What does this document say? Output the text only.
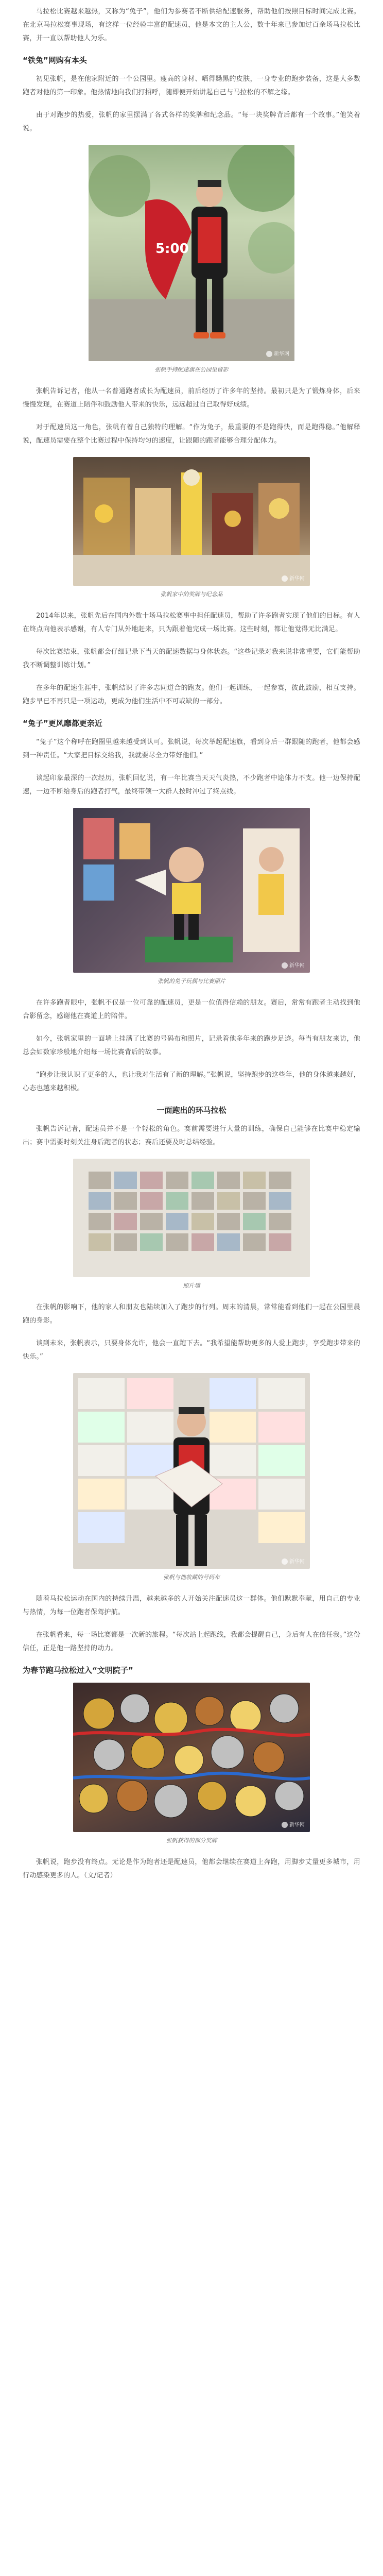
马拉松比赛越来越热，又称为“兔子”，他们为参赛者不断供给配速服务，帮助他们按照目标时间完成比赛。在北京马拉松赛事现场，有这样一位经验丰富的配速员，他是本文的主人公，数十年来已参加过百余场马拉松比赛，并一直以帮助他人为乐。

“铁兔”网购有本头

初见张帆，是在他家附近的一个公园里。瘦高的身材、晒得黝黑的皮肤，一身专业的跑步装备，这是大多数跑者对他的第一印象。他热情地向我们打招呼，随即便开始讲起自己与马拉松的不解之缘。

由于对跑步的热爱，张帆的家里摆满了各式各样的奖牌和纪念品。“每一块奖牌背后都有一个故事。”他笑着说。

5:00
新华网
张帆手持配速旗在公园里留影

张帆告诉记者，他从一名普通跑者成长为配速员，前后经历了许多年的坚持。最初只是为了锻炼身体，后来慢慢发现，在赛道上陪伴和鼓励他人带来的快乐，远远超过自己取得好成绩。

对于配速员这一角色，张帆有着自己独特的理解。“作为兔子，最重要的不是跑得快，而是跑得稳。”他解释说，配速员需要在整个比赛过程中保持均匀的速度，让跟随的跑者能够合理分配体力。

新华网
张帆家中的奖牌与纪念品

2014年以来，张帆先后在国内外数十场马拉松赛事中担任配速员，帮助了许多跑者实现了他们的目标。有人在终点向他表示感谢，有人专门从外地赶来，只为跟着他完成一场比赛。这些时刻，都让他觉得无比满足。

每次比赛结束，张帆都会仔细记录下当天的配速数据与身体状态。“这些记录对我来说非常重要，它们能帮助我不断调整训练计划。”

在多年的配速生涯中，张帆结识了许多志同道合的跑友。他们一起训练，一起参赛，彼此鼓励，相互支持。跑步早已不再只是一项运动，更成为他们生活中不可或缺的一部分。

“兔子”更风靡都更亲近

“兔子”这个称呼在跑圈里越来越受到认可。张帆说，每次举起配速旗，看到身后一群跟随的跑者，他都会感到一种责任。“大家把目标交给我，我就要尽全力带好他们。”

谈起印象最深的一次经历，张帆回忆说，有一年比赛当天天气炎热，不少跑者中途体力不支。他一边保持配速，一边不断给身后的跑者打气，最终带领一大群人按时冲过了终点线。

新华网
张帆的兔子玩偶与比赛照片

在许多跑者眼中，张帆不仅是一位可靠的配速员，更是一位值得信赖的朋友。赛后，常常有跑者主动找到他合影留念，感谢他在赛道上的陪伴。

如今，张帆家里的一面墙上挂满了比赛的号码布和照片，记录着他多年来的跑步足迹。每当有朋友来访，他总会如数家珍般地介绍每一场比赛背后的故事。

“跑步让我认识了更多的人，也让我对生活有了新的理解。”张帆说，坚持跑步的这些年，他的身体越来越好，心态也越来越积极。

一面跑出的环马拉松

张帆告诉记者，配速员并不是一个轻松的角色。赛前需要进行大量的训练，确保自己能够在比赛中稳定输出；赛中需要时刻关注身后跑者的状态；赛后还要及时总结经验。

照片墙

在张帆的影响下，他的家人和朋友也陆续加入了跑步的行列。周末的清晨，常常能看到他们一起在公园里晨跑的身影。

谈到未来，张帆表示，只要身体允许，他会一直跑下去。“我希望能帮助更多的人爱上跑步，享受跑步带来的快乐。”

新华网
张帆与他收藏的号码布

随着马拉松运动在国内的持续升温，越来越多的人开始关注配速员这一群体。他们默默奉献，用自己的专业与热情，为每一位跑者保驾护航。

在张帆看来，每一场比赛都是一次新的旅程。“每次站上起跑线，我都会提醒自己，身后有人在信任我。”这份信任，正是他一路坚持的动力。

为春节跑马拉松过入“文明院子”
新华网
张帆获得的部分奖牌

张帆说，跑步没有终点。无论是作为跑者还是配速员，他都会继续在赛道上奔跑，用脚步丈量更多城市，用行动感染更多的人。（文/记者）
